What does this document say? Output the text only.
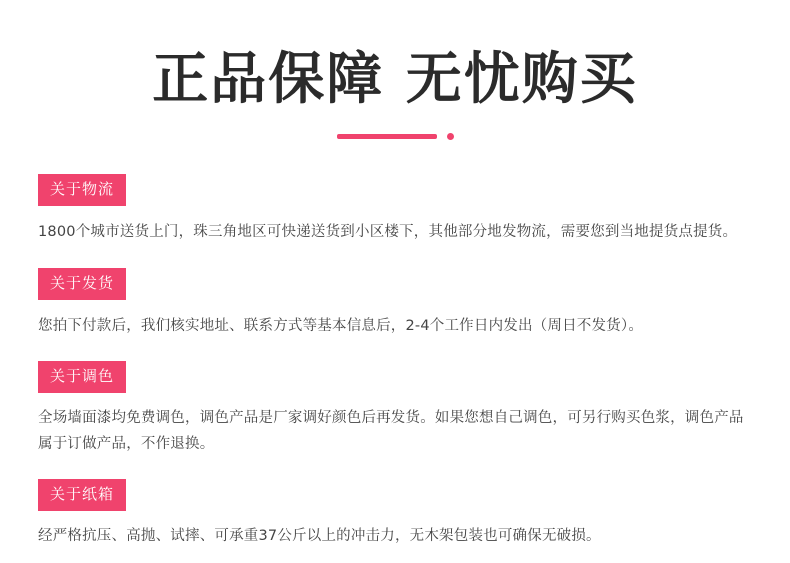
正品保障 无忧购买
关于物流

1800个城市送货上门，珠三角地区可快递送货到小区楼下，其他部分地发物流，需要您到当地提货点提货。

关于发货

您拍下付款后，我们核实地址、联系方式等基本信息后，2-4个工作日内发出（周日不发货）。

关于调色

全场墙面漆均免费调色，调色产品是厂家调好颜色后再发货。如果您想自己调色，可另行购买色浆，调色产品属于订做产品，不作退换。

关于纸箱

经严格抗压、高抛、试摔、可承重37公斤以上的冲击力，无木架包装也可确保无破损。
